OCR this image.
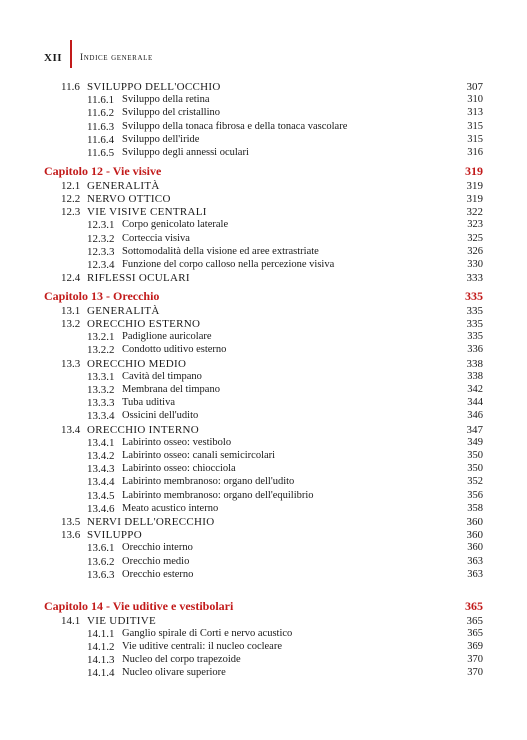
XII Indice generale
11.6 SVILUPPO DELL'OCCHIO	307
11.6.1 Sviluppo della retina	310
11.6.2 Sviluppo del cristallino	313
11.6.3 Sviluppo della tonaca fibrosa e della tonaca vascolare	315
11.6.4 Sviluppo dell'iride	315
11.6.5 Sviluppo degli annessi oculari	316
Capitolo 12 - Vie visive	319
12.1 GENERALITÀ	319
12.2 NERVO OTTICO	319
12.3 VIE VISIVE CENTRALI	322
12.3.1 Corpo genicolato laterale	323
12.3.2 Corteccia visiva	325
12.3.3 Sottomodalità della visione ed aree extrastriate	326
12.3.4 Funzione del corpo calloso nella percezione visiva	330
12.4 RIFLESSI OCULARI	333
Capitolo 13 - Orecchio	335
13.1 GENERALITÀ	335
13.2 ORECCHIO ESTERNO	335
13.2.1 Padiglione auricolare	335
13.2.2 Condotto uditivo esterno	336
13.3 ORECCHIO MEDIO	338
13.3.1 Cavità del timpano	338
13.3.2 Membrana del timpano	342
13.3.3 Tuba uditiva	344
13.3.4 Ossicini dell'udito	346
13.4 ORECCHIO INTERNO	347
13.4.1 Labirinto osseo: vestibolo	349
13.4.2 Labirinto osseo: canali semicircolari	350
13.4.3 Labirinto osseo: chiocciola	350
13.4.4 Labirinto membranoso: organo dell'udito	352
13.4.5 Labirinto membranoso: organo dell'equilibrio	356
13.4.6 Meato acustico interno	358
13.5 NERVI DELL'ORECCHIO	360
13.6 SVILUPPO	360
13.6.1 Orecchio interno	360
13.6.2 Orecchio medio	363
13.6.3 Orecchio esterno	363
Capitolo 14 - Vie uditive e vestibolari	365
14.1 VIE UDITIVE	365
14.1.1 Ganglio spirale di Corti e nervo acustico	365
14.1.2 Vie uditive centrali: il nucleo cocleare	369
14.1.3 Nucleo del corpo trapezoide	370
14.1.4 Nucleo olivare superiore	370
